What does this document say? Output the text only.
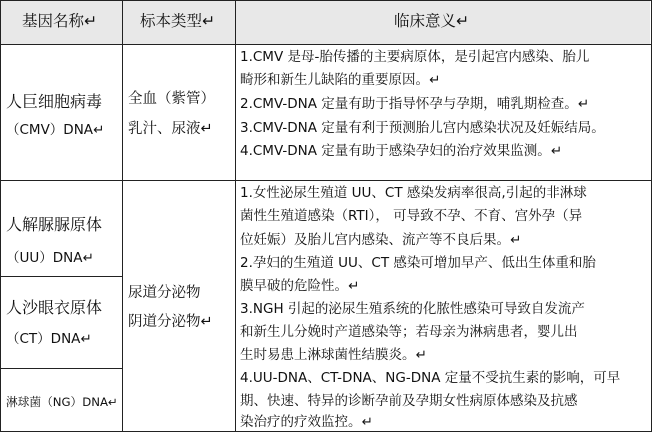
基因名称↵	标本类型↵	临床意义↵
人巨细胞病毒
（CMV）DNA↵
全血（紫管）
乳汁、尿液↵
1.CMV 是母-胎传播的主要病原体，是引起宫内感染、胎儿
畸形和新生儿缺陷的重要原因。↵
2.CMV-DNA 定量有助于指导怀孕与孕期，哺乳期检查。↵
3.CMV-DNA 定量有利于预测胎儿宫内感染状况及妊娠结局。
4.CMV-DNA 定量有助于感染孕妇的治疗效果监测。↵
人解脲脲原体
（UU）DNA↵
人沙眼衣原体
（CT）DNA↵
淋球菌（NG）DNA↵
尿道分泌物
阴道分泌物↵
1.女性泌尿生殖道 UU、CT 感染发病率很高,引起的非淋球
菌性生殖道感染（RTI）， 可导致不孕、不育、宫外孕（异
位妊娠）及胎儿宫内感染、流产等不良后果。↵
2.孕妇的生殖道 UU、CT 感染可增加早产、低出生体重和胎
膜早破的危险性。↵
3.NGH 引起的泌尿生殖系统的化脓性感染可导致自发流产
和新生儿分娩时产道感染等；若母亲为淋病患者，婴儿出
生时易患上淋球菌性结膜炎。↵
4.UU-DNA、CT-DNA、NG-DNA 定量不受抗生素的影响，可早
期、快速、特异的诊断孕前及孕期女性病原体感染及抗感
染治疗的疗效监控。↵
